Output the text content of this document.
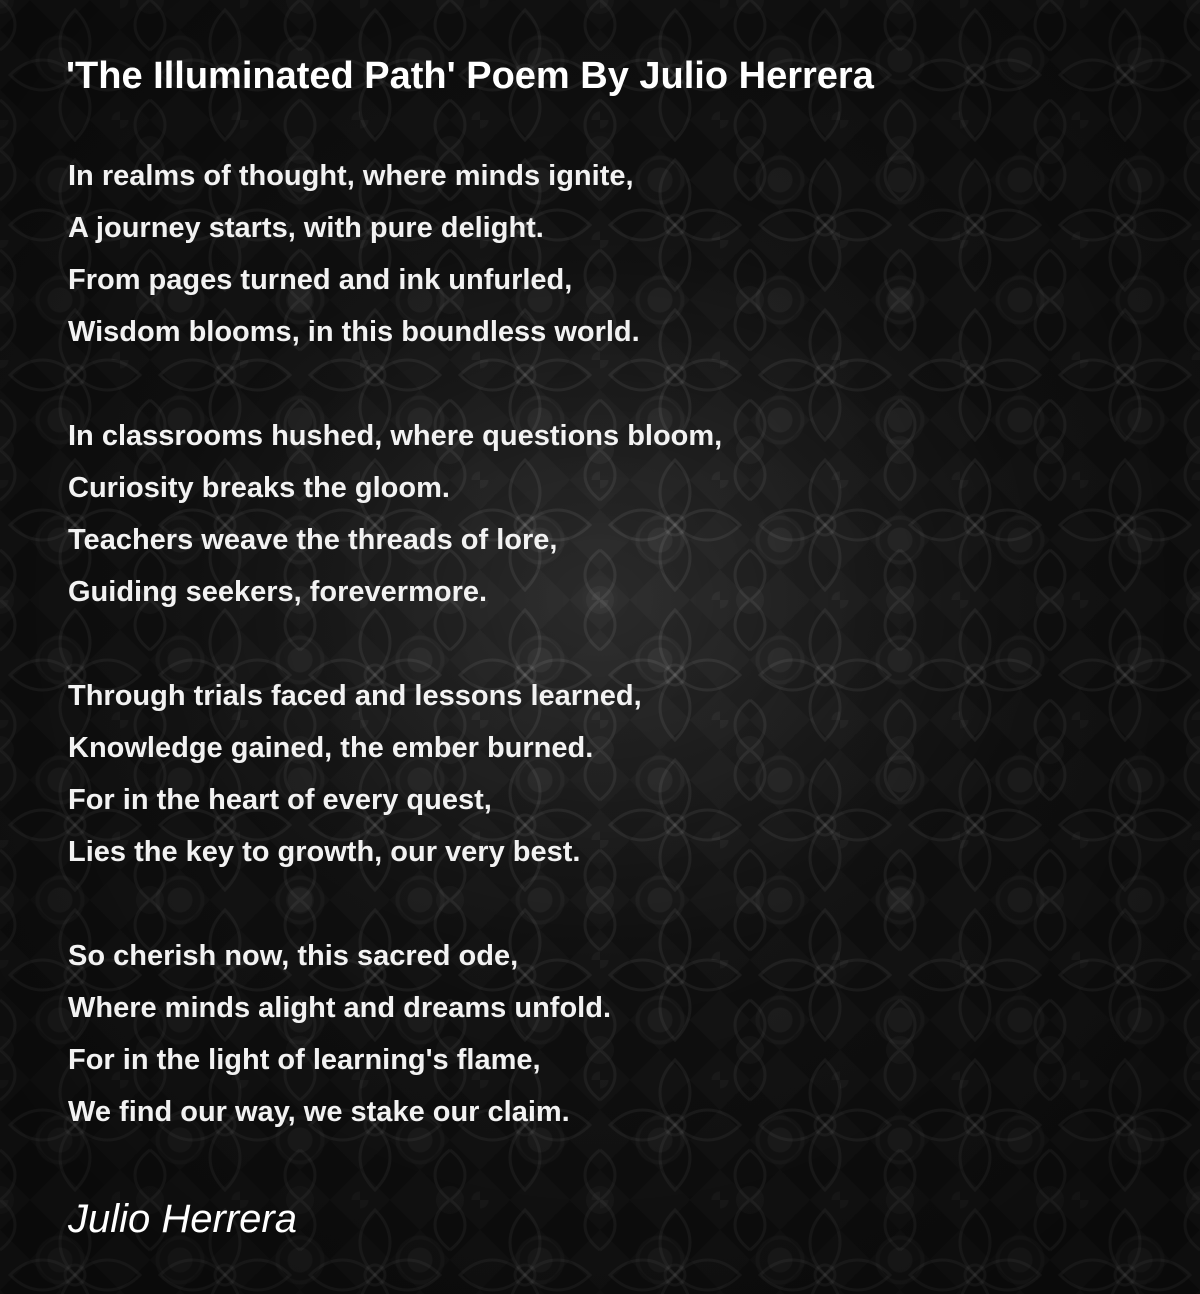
'The Illuminated Path' Poem By Julio Herrera
In realms of thought, where minds ignite,
A journey starts, with pure delight.
From pages turned and ink unfurled,
Wisdom blooms, in this boundless world.
In classrooms hushed, where questions bloom,
Curiosity breaks the gloom.
Teachers weave the threads of lore,
Guiding seekers, forevermore.
Through trials faced and lessons learned,
Knowledge gained, the ember burned.
For in the heart of every quest,
Lies the key to growth, our very best.
So cherish now, this sacred ode,
Where minds alight and dreams unfold.
For in the light of learning's flame,
We find our way, we stake our claim.

Julio Herrera
